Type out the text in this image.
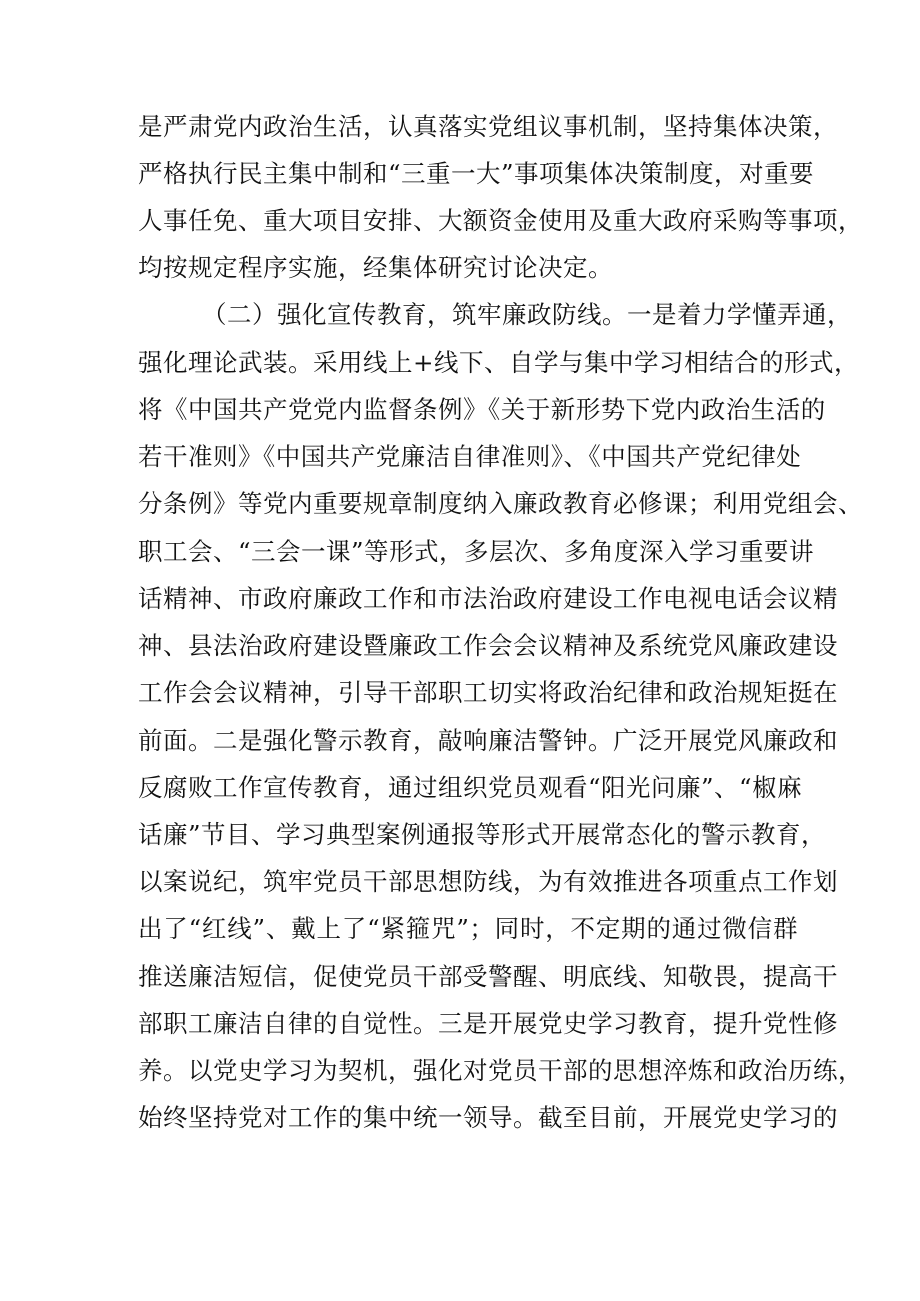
是严肃党内政治生活，认真落实党组议事机制，坚持集体决策，
严格执行民主集中制和“三重一大”事项集体决策制度，对重要
人事任免、重大项目安排、大额资金使用及重大政府采购等事项，
均按规定程序实施，经集体研究讨论决定。
（二）强化宣传教育，筑牢廉政防线。一是着力学懂弄通，
强化理论武装。采用线上+线下、自学与集中学习相结合的形式，
将《中国共产党党内监督条例》《关于新形势下党内政治生活的
若干准则》《中国共产党廉洁自律准则》、《中国共产党纪律处
分条例》等党内重要规章制度纳入廉政教育必修课；利用党组会、
职工会、“三会一课”等形式，多层次、多角度深入学习重要讲
话精神、市政府廉政工作和市法治政府建设工作电视电话会议精
神、县法治政府建设暨廉政工作会会议精神及系统党风廉政建设
工作会会议精神，引导干部职工切实将政治纪律和政治规矩挺在
前面。二是强化警示教育，敲响廉洁警钟。广泛开展党风廉政和
反腐败工作宣传教育，通过组织党员观看“阳光问廉”、“椒麻
话廉”节目、学习典型案例通报等形式开展常态化的警示教育，
以案说纪，筑牢党员干部思想防线，为有效推进各项重点工作划
出了“红线”、戴上了“紧箍咒”；同时，不定期的通过微信群
推送廉洁短信，促使党员干部受警醒、明底线、知敬畏，提高干
部职工廉洁自律的自觉性。三是开展党史学习教育，提升党性修
养。以党史学习为契机，强化对党员干部的思想淬炼和政治历练，
始终坚持党对工作的集中统一领导。截至目前，开展党史学习的
